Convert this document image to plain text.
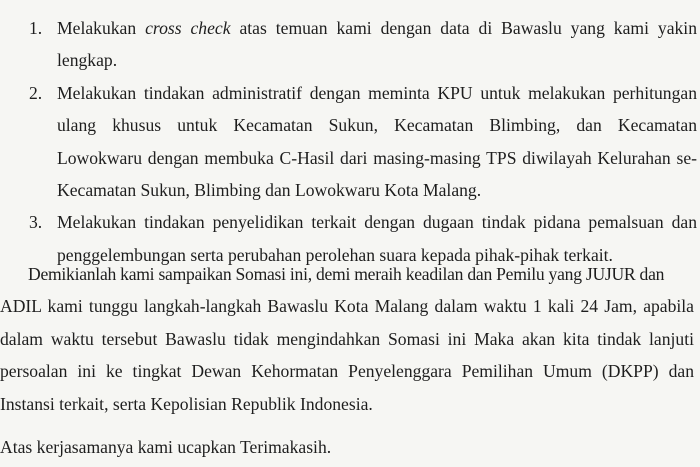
1. Melakukan cross check atas temuan kami dengan data di Bawaslu yang kami yakin
lengkap.
2. Melakukan tindakan administratif dengan meminta KPU untuk melakukan perhitungan
ulang khusus untuk Kecamatan Sukun, Kecamatan Blimbing, dan Kecamatan
Lowokwaru dengan membuka C-Hasil dari masing-masing TPS diwilayah Kelurahan se-
Kecamatan Sukun, Blimbing dan Lowokwaru Kota Malang.
3. Melakukan tindakan penyelidikan terkait dengan dugaan tindak pidana pemalsuan dan
penggelembungan serta perubahan perolehan suara kepada pihak-pihak terkait.
Demikianlah kami sampaikan Somasi ini, demi meraih keadilan dan Pemilu yang JUJUR dan
ADIL kami tunggu langkah-langkah Bawaslu Kota Malang dalam waktu 1 kali 24 Jam, apabila
dalam waktu tersebut Bawaslu tidak mengindahkan Somasi ini Maka akan kita tindak lanjuti
persoalan ini ke tingkat Dewan Kehormatan Penyelenggara Pemilihan Umum (DKPP) dan
Instansi terkait, serta Kepolisian Republik Indonesia.
Atas kerjasamanya kami ucapkan Terimakasih.
